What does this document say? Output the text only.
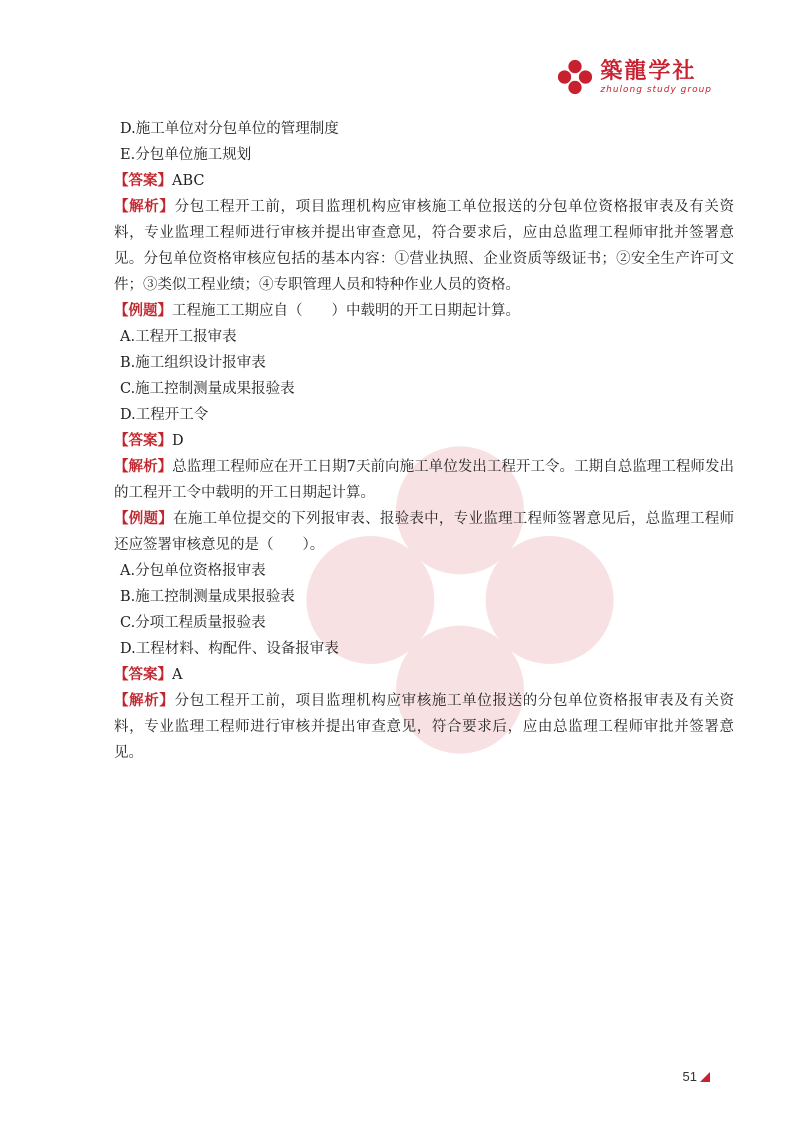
築龍学社
zhulong study group
D.施工单位对分包单位的管理制度
E.分包单位施工规划
【答案】ABC
【解析】分包工程开工前，项目监理机构应审核施工单位报送的分包单位资格报审表及有关资料，专业监理工程师进行审核并提出审查意见，符合要求后，应由总监理工程师审批并签署意见。分包单位资格审核应包括的基本内容：①营业执照、企业资质等级证书；②安全生产许可文件；③类似工程业绩；④专职管理人员和特种作业人员的资格。
【例题】工程施工工期应自（　　）中载明的开工日期起计算。
A.工程开工报审表
B.施工组织设计报审表
C.施工控制测量成果报验表
D.工程开工令
【答案】D
【解析】总监理工程师应在开工日期7天前向施工单位发出工程开工令。工期自总监理工程师发出的工程开工令中载明的开工日期起计算。
【例题】在施工单位提交的下列报审表、报验表中，专业监理工程师签署意见后，总监理工程师还应签署审核意见的是（　　）。
A.分包单位资格报审表
B.施工控制测量成果报验表
C.分项工程质量报验表
D.工程材料、构配件、设备报审表
【答案】A
【解析】分包工程开工前，项目监理机构应审核施工单位报送的分包单位资格报审表及有关资料，专业监理工程师进行审核并提出审查意见，符合要求后，应由总监理工程师审批并签署意见。
51
